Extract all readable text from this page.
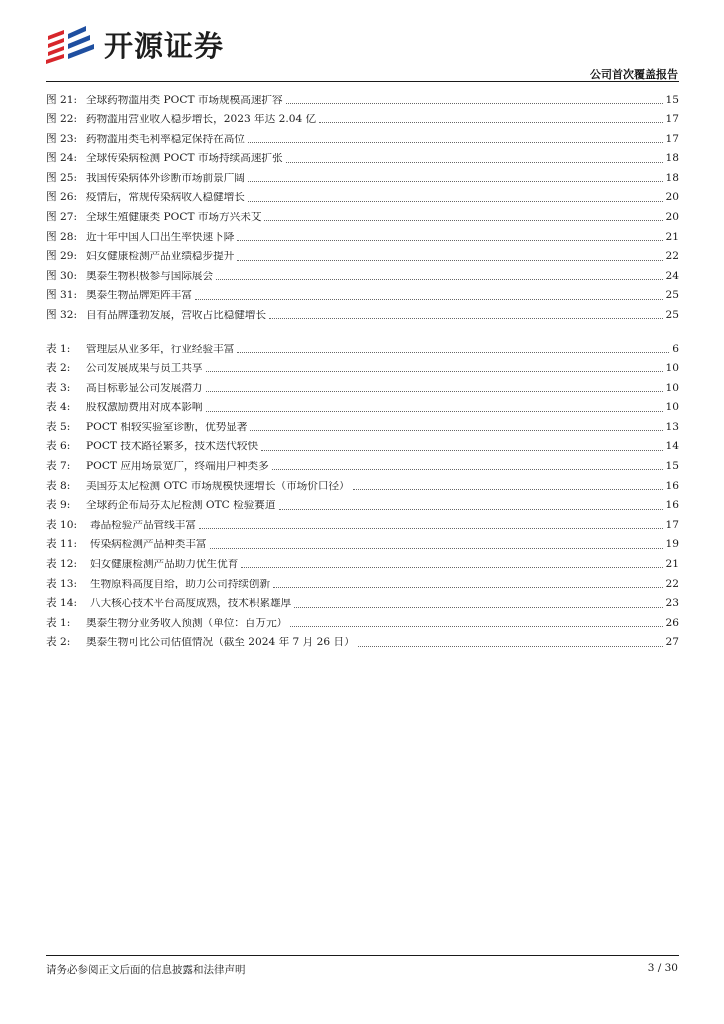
开源证券
公司首次覆盖报告
图 21: 全球药物滥用类 POCT 市场规模高速扩容	15
图 22: 药物滥用营业收入稳步增长，2023 年达 2.04 亿	17
图 23: 药物滥用类毛利率稳定保持在高位	17
图 24: 全球传染病检测 POCT 市场持续高速扩张	18
图 25: 我国传染病体外诊断市场前景广阔	18
图 26: 疫情后，常规传染病收入稳健增长	20
图 27: 全球生殖健康类 POCT 市场方兴未艾	20
图 28: 近十年中国人口出生率快速下降	21
图 29: 妇女健康检测产品业绩稳步提升	22
图 30: 奥泰生物积极参与国际展会	24
图 31: 奥泰生物品牌矩阵丰富	25
图 32: 自有品牌蓬勃发展，营收占比稳健增长	25
表 1:	管理层从业多年，行业经验丰富	6
表 2:	公司发展成果与员工共享	10
表 3:	高目标彰显公司发展潜力	10
表 4:	股权激励费用对成本影响	10
表 5:	POCT 相较实验室诊断，优势显著	13
表 6:	POCT 技术路径繁多，技术迭代较快	14
表 7:	POCT 应用场景宽广，终端用户种类多	15
表 8:	美国芬太尼检测 OTC 市场规模快速增长（市场价口径）	16
表 9:	全球药企布局芬太尼检测 OTC 检验赛道	16
表 10:	毒品检验产品管线丰富	17
表 11:	传染病检测产品种类丰富	19
表 12:	妇女健康检测产品助力优生优育	21
表 13:	生物原料高度自给，助力公司持续创新	22
表 14:	八大核心技术平台高度成熟，技术积累雄厚	23
表 1:	奥泰生物分业务收入预测（单位：百万元）	26
表 2:	奥泰生物可比公司估值情况（截至 2024 年 7 月 26 日）	27
请务必参阅正文后面的信息披露和法律声明	3 / 30
